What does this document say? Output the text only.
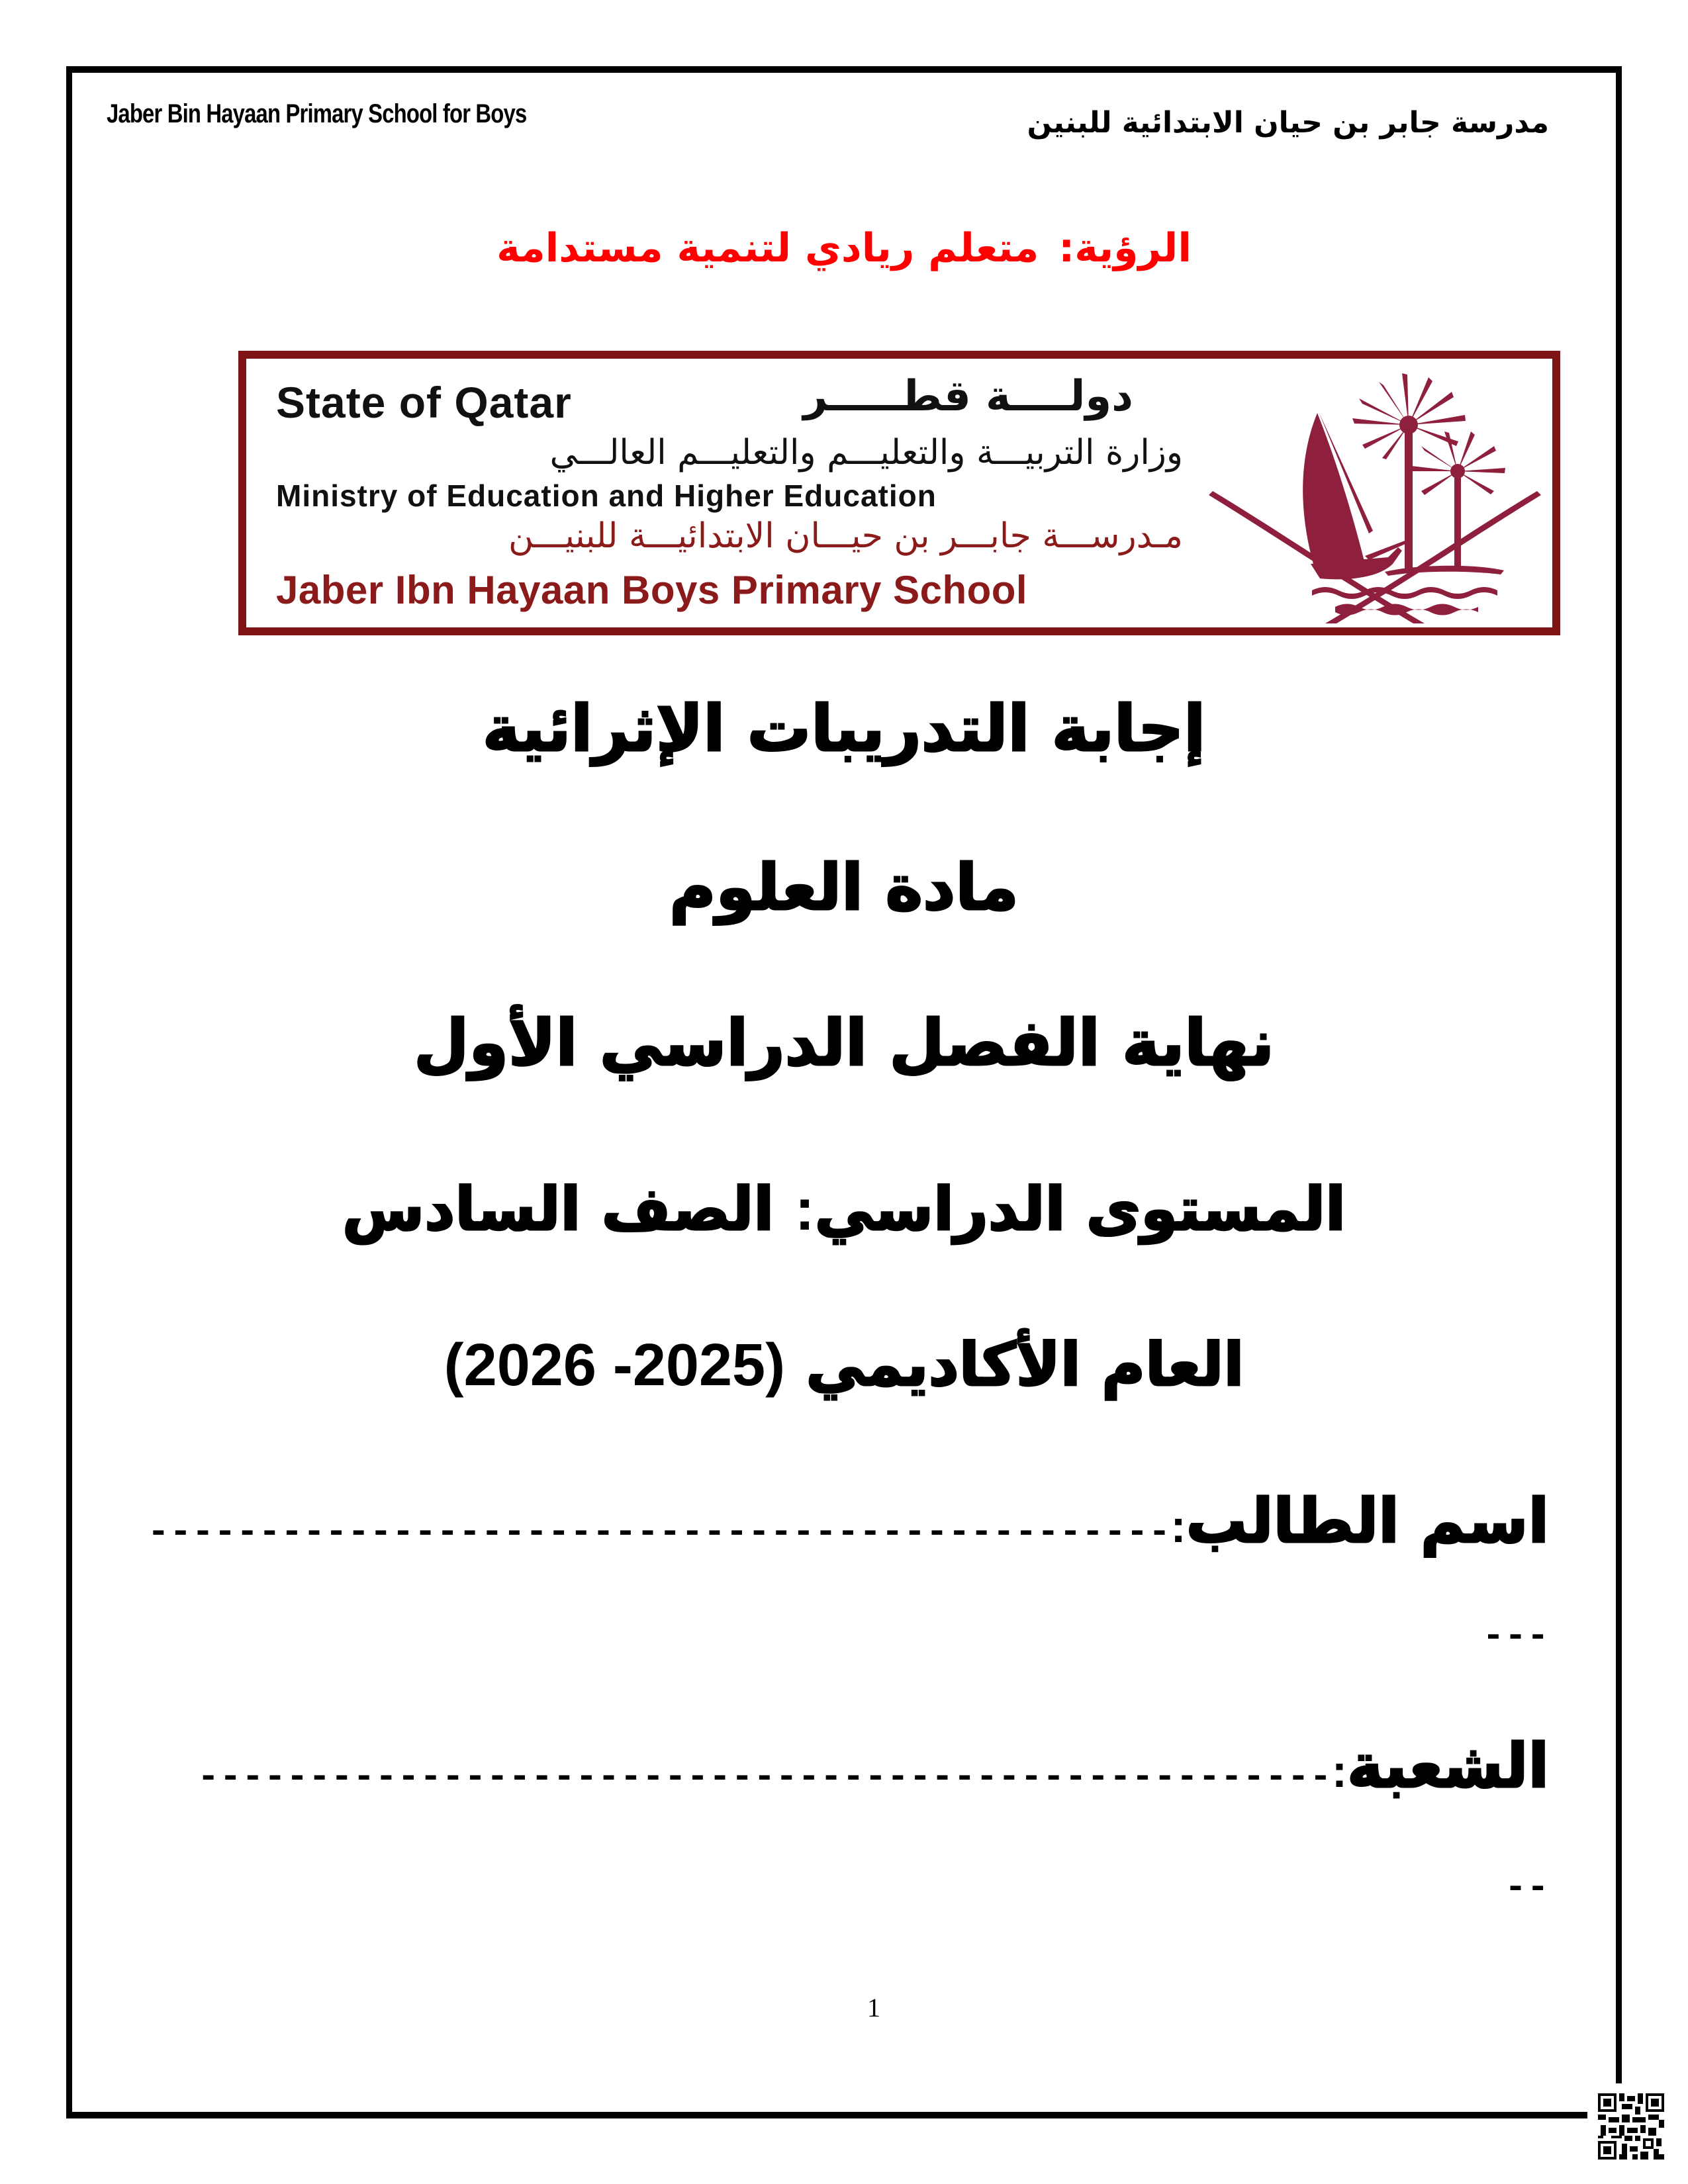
Jaber Bin Hayaan Primary School for Boys	مدرسة جابر بن حيان الابتدائية للبنين
الرؤية:متعلم ريادي لتنمية مستدامة
State of Qatar	دولــــة قطـــــر
وزارة التربيـــة والتعليـــم والتعليـــم العالـــي
Ministry of Education and Higher Education
مـدرســـة جابـــر بن حيـــان الابتدائيـــة للبنيـــن
Jaber Ibn Hayaan Boys Primary School
إجابة التدريبات الإثرائية
مادة العلوم
نهاية الفصل الدراسي الأول
المستوى الدراسي: الصف السادس
العام الأكاديمي (2025- 2026)
اسم الطالب:----------------------------------------------
---
الشعبة:---------------------------------------------------
--
1
